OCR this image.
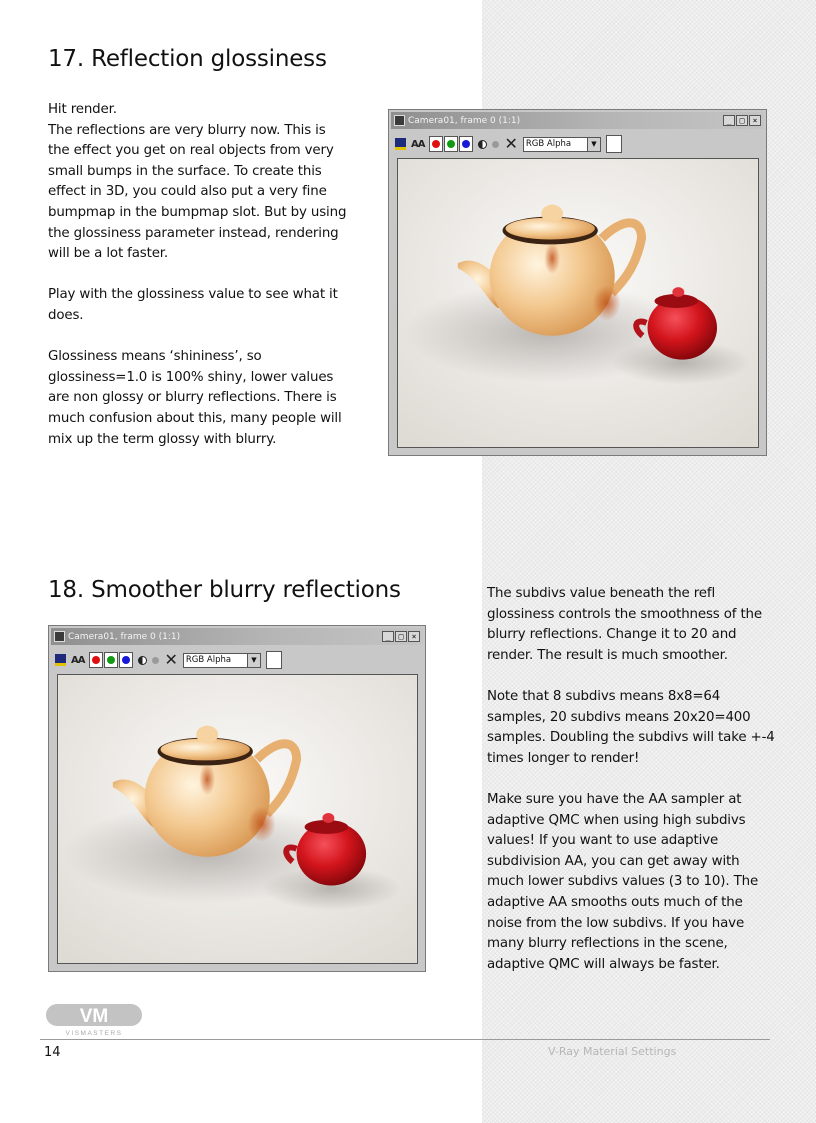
17. Reflection glossiness

Hit render.
The reflections are very blurry now. This is the effect you get on real objects from very small bumps in the surface. To create this effect in 3D, you could also put a very fine bumpmap in the bumpmap slot. But by using the glossiness parameter instead, rendering will be a lot faster.

Play with the glossiness value to see what it does.

Glossiness means ‘shininess’, so glossiness=1.0 is 100% shiny, lower values are non glossy or blurry reflections. There is much confusion about this, many people will mix up the term glossy with blurry.

Camera01, frame 0 (1:1)	_	□	×
AA	✕ RGB Alpha	▼
18. Smoother blurry reflections	The subdivs value beneath the refl glossiness controls the smoothness of the blurry reflections. Change it to 20 and render. The result is much smoother.

Note that 8 subdivs means 8x8=64 samples, 20 subdivs means 20x20=400 samples. Doubling the subdivs will take +-4 times longer to render!

Make sure you have the AA sampler at adaptive QMC when using high subdivs values! If you want to use adaptive subdivision AA, you can get away with much lower subdivs values (3 to 10). The adaptive AA smooths outs much of the noise from the low subdivs. If you have many blurry reflections in the scene, adaptive QMC will always be faster.

Camera01, frame 0 (1:1)	_	□	×
AA	✕ RGB Alpha	▼
VM
VISMASTERS
14	V-Ray Material Settings
